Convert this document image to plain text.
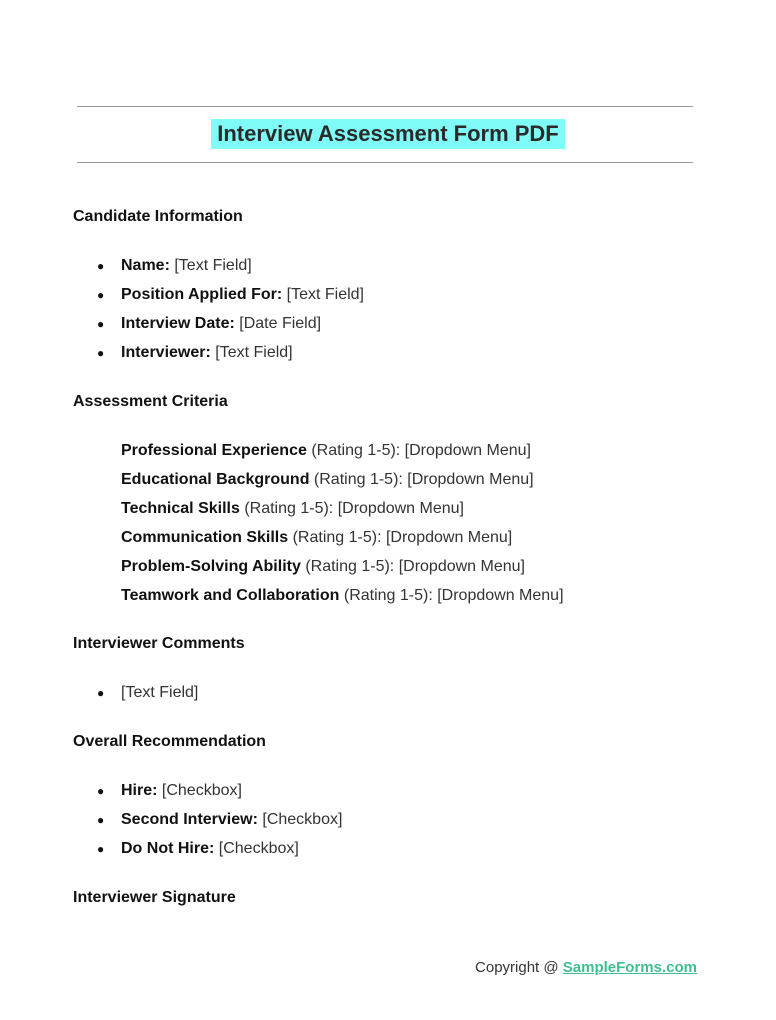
Interview Assessment Form PDF
Candidate Information
●	Name: [Text Field]
●	Position Applied For: [Text Field]
●	Interview Date: [Date Field]
●	Interviewer: [Text Field]
Assessment Criteria
Professional Experience (Rating 1-5): [Dropdown Menu]
Educational Background (Rating 1-5): [Dropdown Menu]
Technical Skills (Rating 1-5): [Dropdown Menu]
Communication Skills (Rating 1-5): [Dropdown Menu]
Problem-Solving Ability (Rating 1-5): [Dropdown Menu]
Teamwork and Collaboration (Rating 1-5): [Dropdown Menu]
Interviewer Comments
●	[Text Field]
Overall Recommendation
●	Hire: [Checkbox]
●	Second Interview: [Checkbox]
●	Do Not Hire: [Checkbox]
Interviewer Signature
Copyright @ SampleForms.com
